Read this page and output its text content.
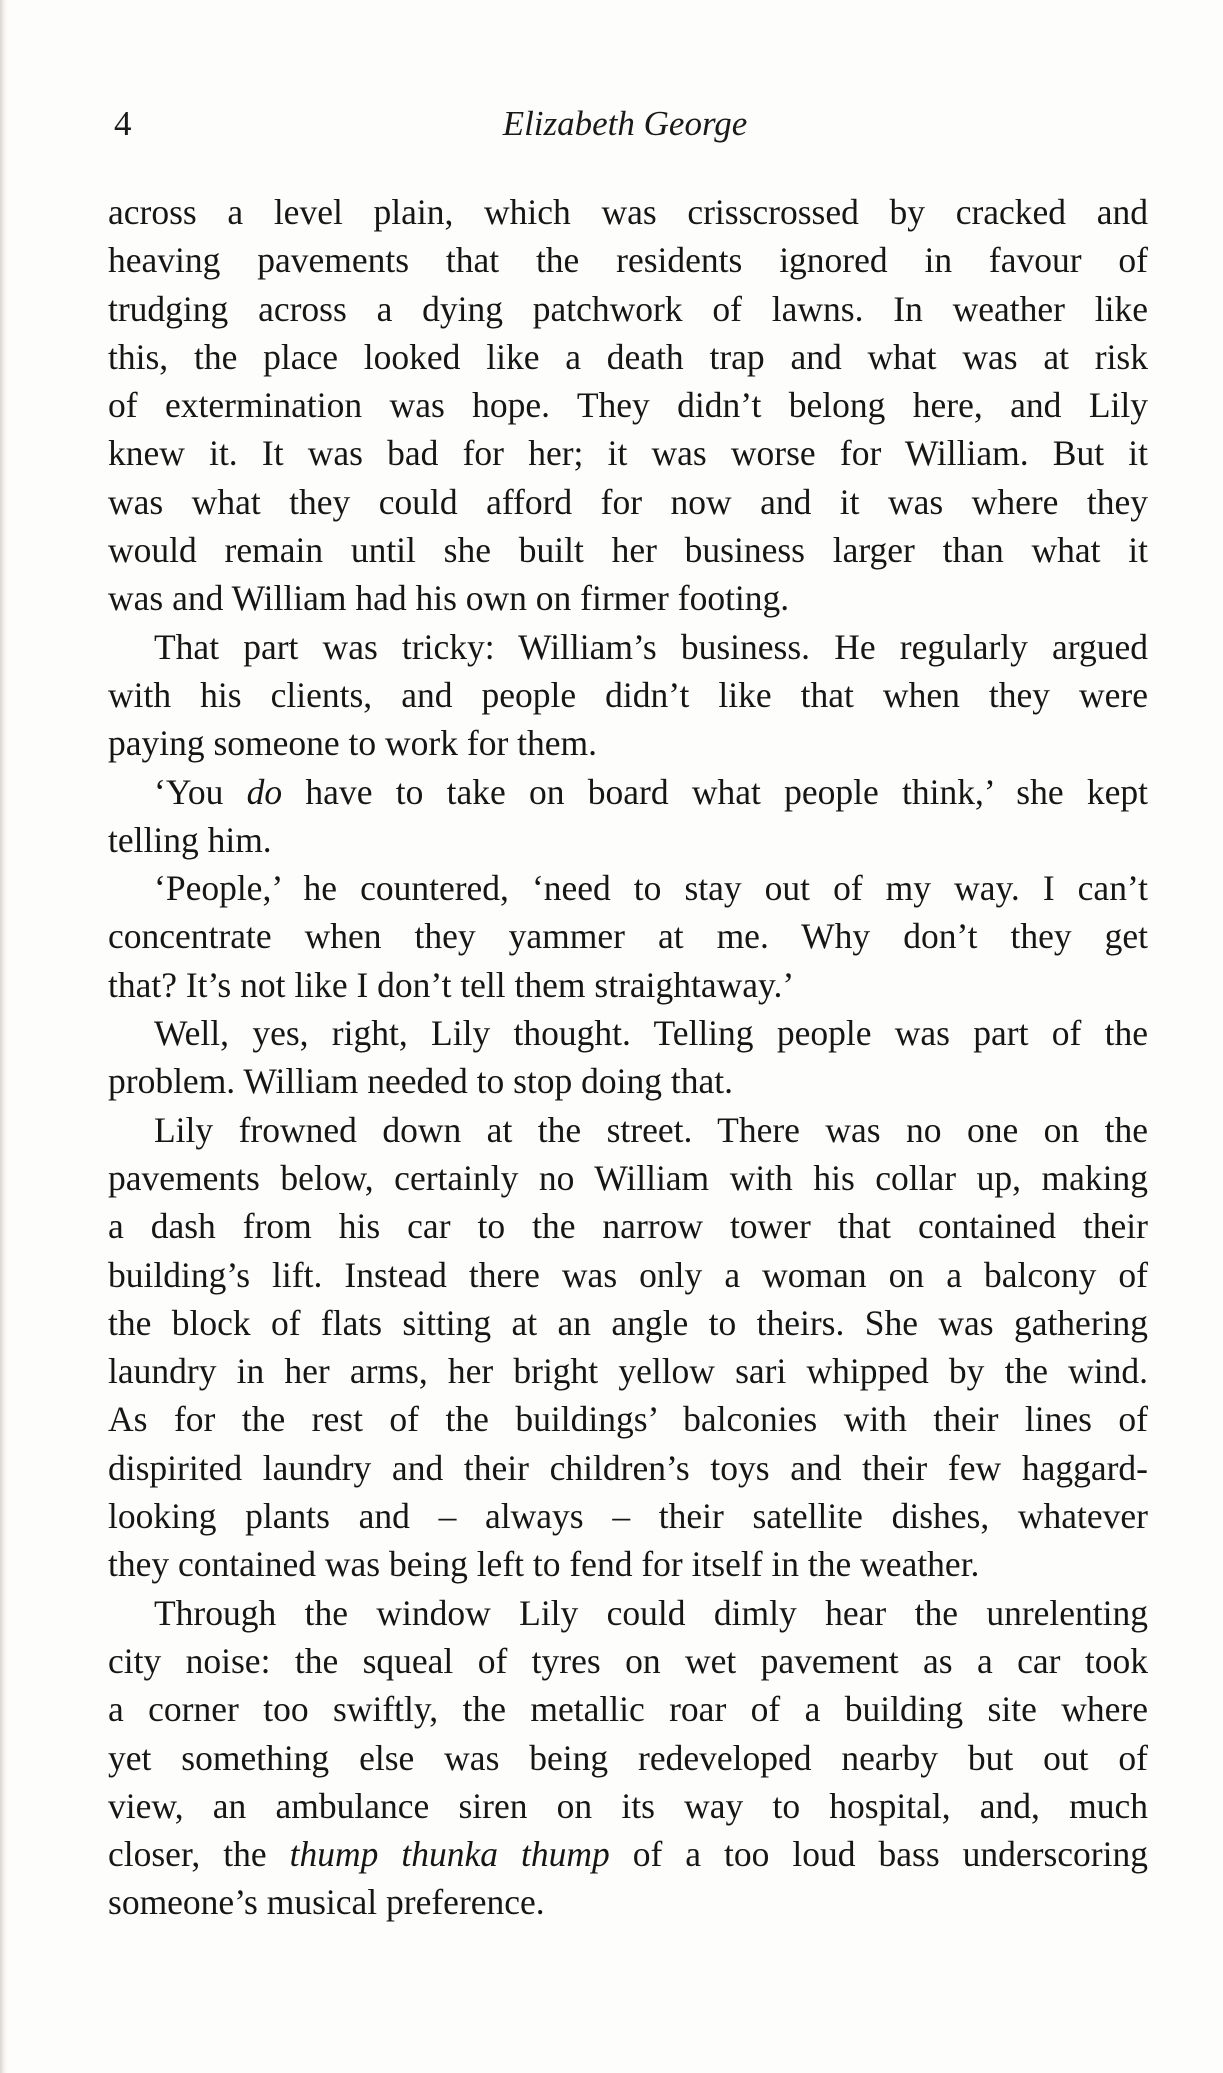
4	Elizabeth George
across a level plain, which was crisscrossed by cracked and
heaving pavements that the residents ignored in favour of
trudging across a dying patchwork of lawns. In weather like
this, the place looked like a death trap and what was at risk
of extermination was hope. They didn’t belong here, and Lily
knew it. It was bad for her; it was worse for William. But it
was what they could afford for now and it was where they
would remain until she built her business larger than what it
was and William had his own on firmer footing.
That part was tricky: William’s business. He regularly argued
with his clients, and people didn’t like that when they were
paying someone to work for them.
‘You do have to take on board what people think,’ she kept
telling him.
‘People,’ he countered, ‘need to stay out of my way. I can’t
concentrate when they yammer at me. Why don’t they get
that? It’s not like I don’t tell them straightaway.’
Well, yes, right, Lily thought. Telling people was part of the
problem. William needed to stop doing that.
Lily frowned down at the street. There was no one on the
pavements below, certainly no William with his collar up, making
a dash from his car to the narrow tower that contained their
building’s lift. Instead there was only a woman on a balcony of
the block of flats sitting at an angle to theirs. She was gathering
laundry in her arms, her bright yellow sari whipped by the wind.
As for the rest of the buildings’ balconies with their lines of
dispirited laundry and their children’s toys and their few haggard-
looking plants and – always – their satellite dishes, whatever
they contained was being left to fend for itself in the weather.
Through the window Lily could dimly hear the unrelenting
city noise: the squeal of tyres on wet pavement as a car took
a corner too swiftly, the metallic roar of a building site where
yet something else was being redeveloped nearby but out of
view, an ambulance siren on its way to hospital, and, much
closer, the thump thunka thump of a too loud bass underscoring
someone’s musical preference.
